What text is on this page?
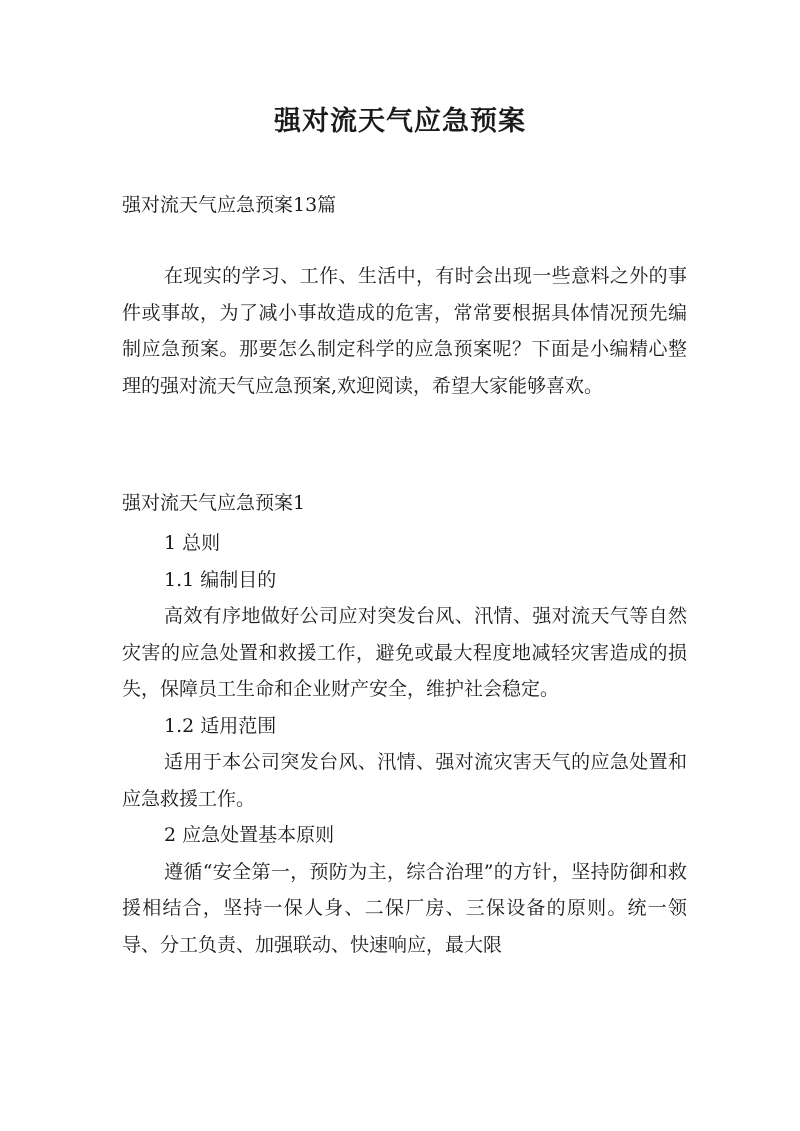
强对流天气应急预案

强对流天气应急预案13篇

在现实的学习、工作、生活中，有时会出现一些意料之外的事件或事故，为了减小事故造成的危害，常常要根据具体情况预先编制应急预案。那要怎么制定科学的应急预案呢？下面是小编精心整理的强对流天气应急预案,欢迎阅读，希望大家能够喜欢。

强对流天气应急预案1

1 总则

1.1 编制目的

高效有序地做好公司应对突发台风、汛情、强对流天气等自然灾害的应急处置和救援工作，避免或最大程度地减轻灾害造成的损失，保障员工生命和企业财产安全，维护社会稳定。

1.2 适用范围

适用于本公司突发台风、汛情、强对流灾害天气的应急处置和应急救援工作。

2 应急处置基本原则

遵循“安全第一，预防为主，综合治理”的方针，坚持防御和救援相结合，坚持一保人身、二保厂房、三保设备的原则。统一领导、分工负责、加强联动、快速响应，最大限
